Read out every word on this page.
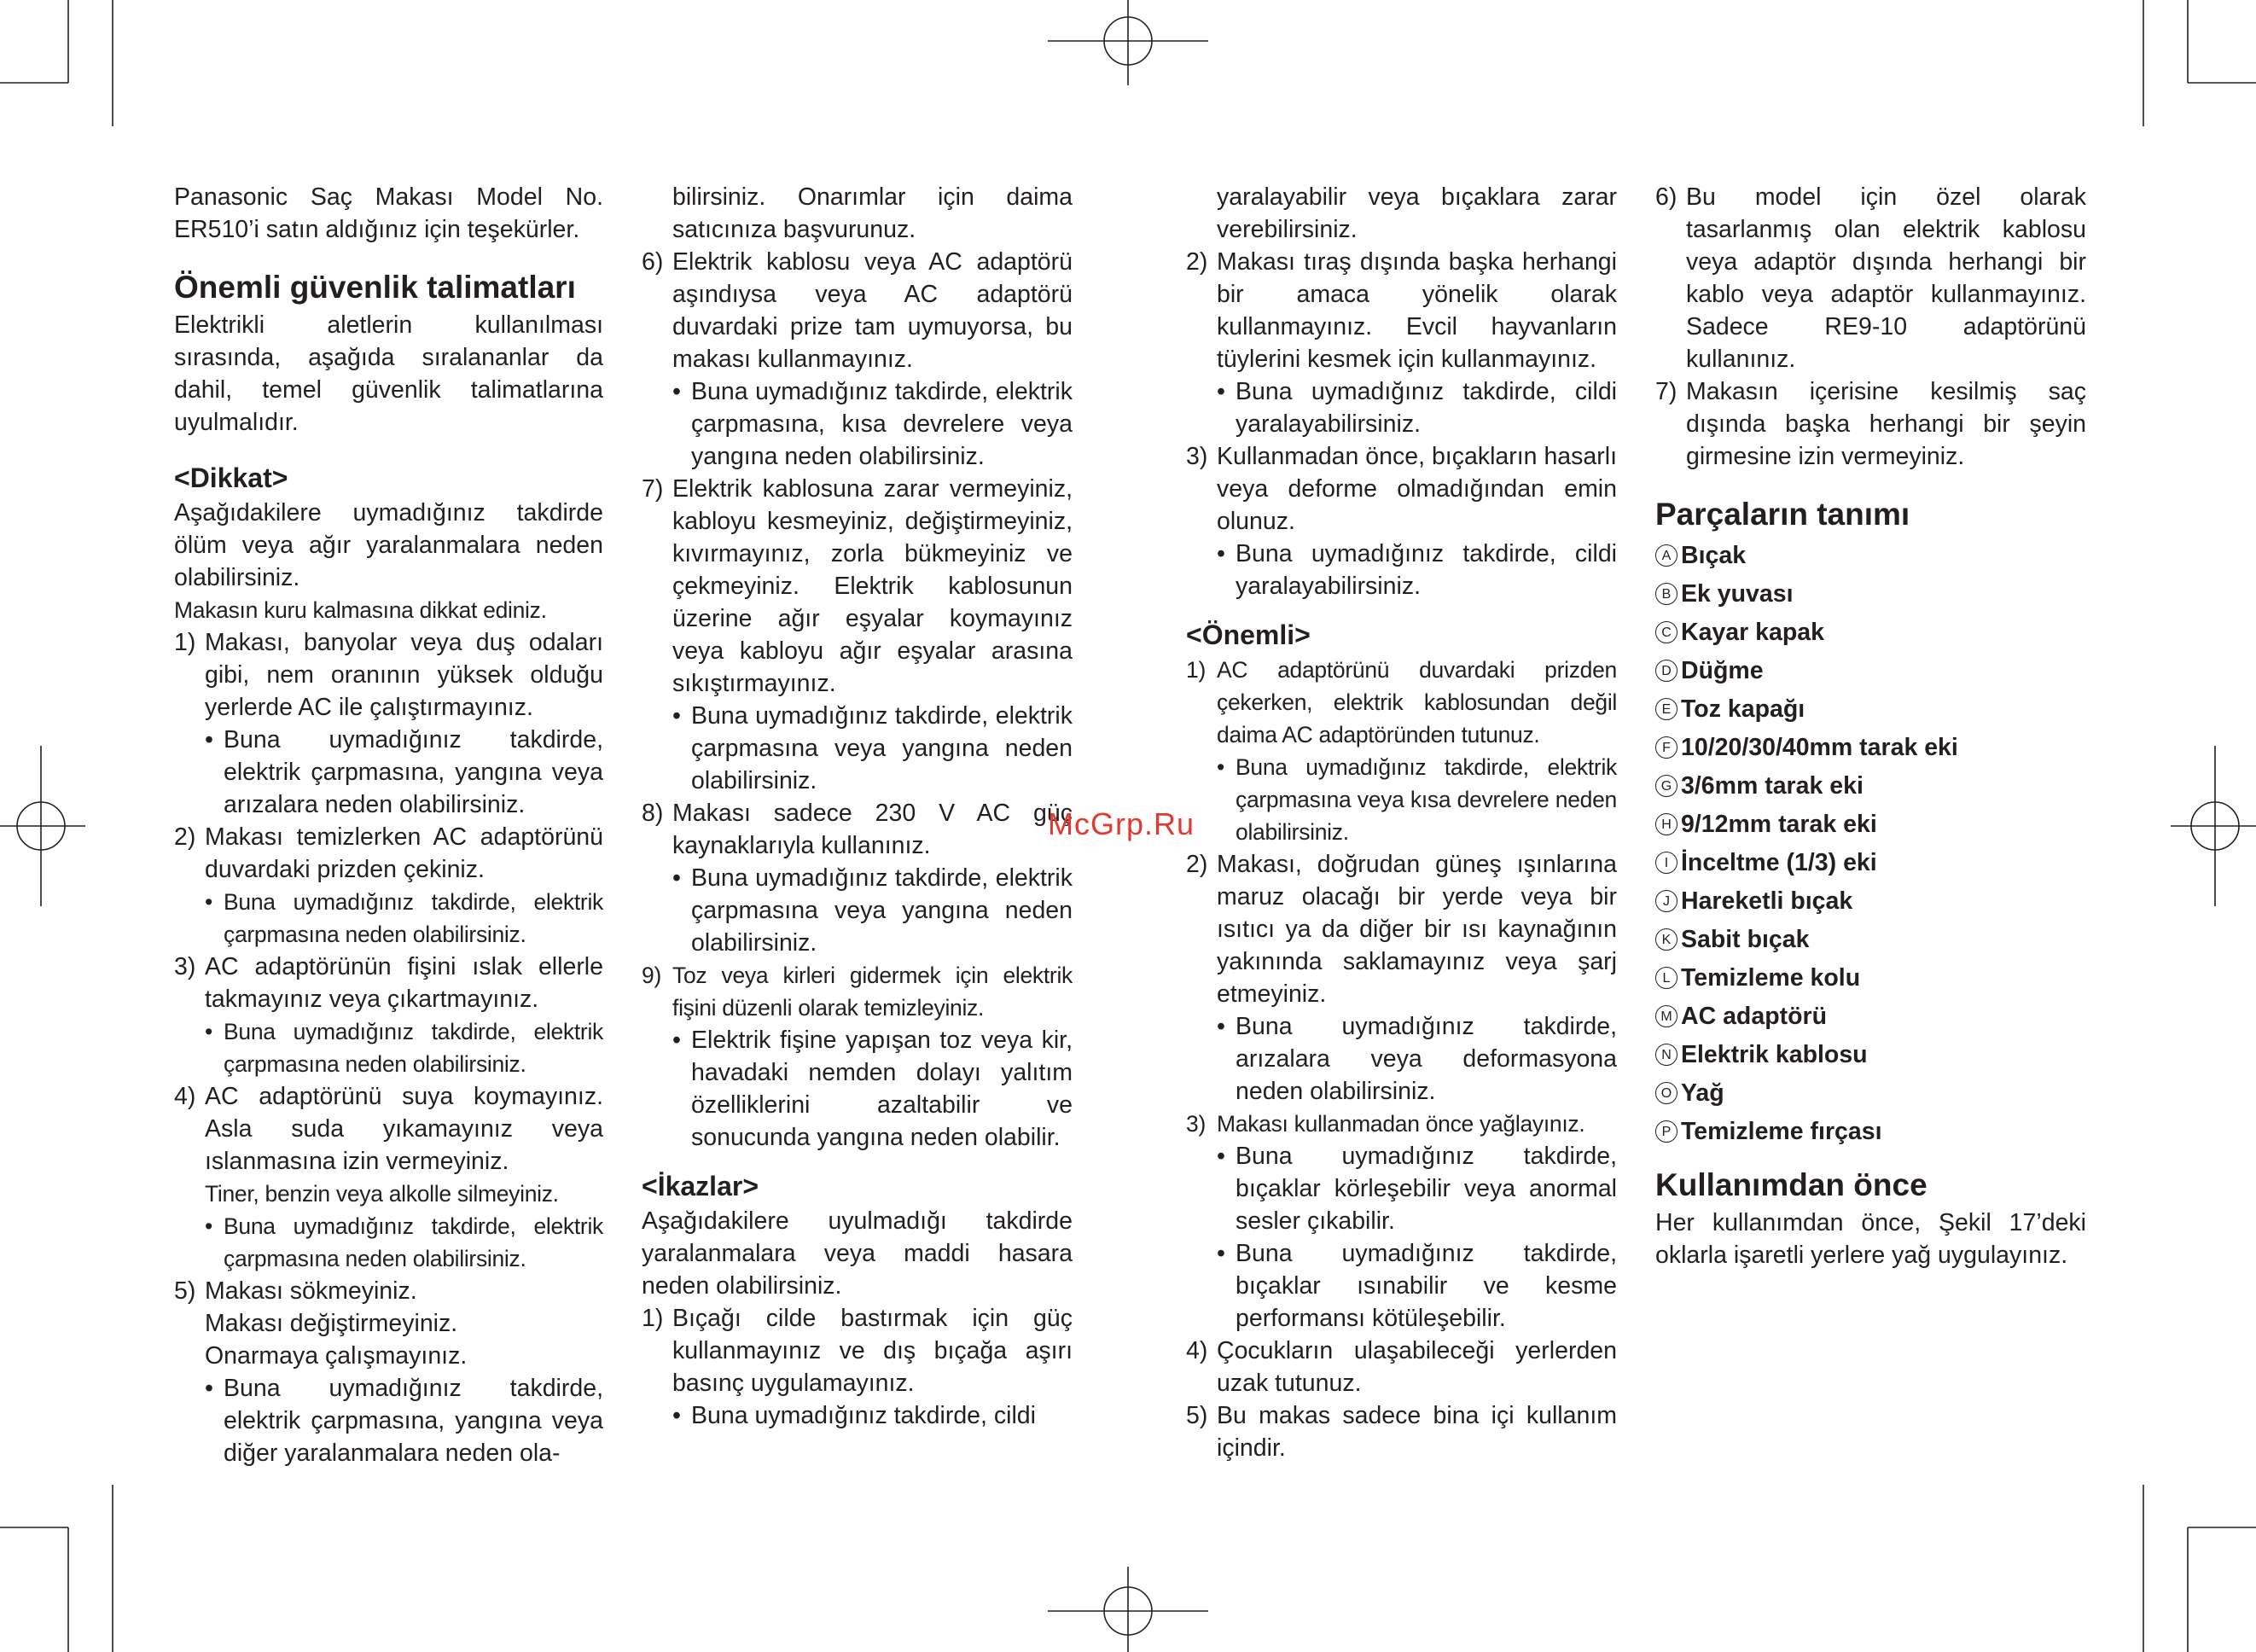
Panasonic Saç Makası Model No. ER510’i satın aldığınız için teşekürler.

Önemli güvenlik talimatları

Elektrikli aletlerin kullanılması sırasında, aşağıda sıralananlar da dahil, temel güvenlik talimatlarına uyulmalıdır.

<Dikkat>

Aşağıdakilere uymadığınız takdirde ölüm veya ağır yaralanmalara neden olabilirsiniz.

Makasın kuru kalmasına dikkat ediniz.

1) Makası, banyolar veya duş odaları gibi, nem oranının yüksek olduğu yerlerde AC ile çalıştırmayınız.
• Buna uymadığınız takdirde, elektrik çarpmasına, yangına veya arızalara neden olabilirsiniz.
2) Makası temizlerken AC adaptörünü duvardaki prizden çekiniz.
• Buna uymadığınız takdirde, elektrik çarpmasına neden olabilirsiniz.
3) AC adaptörünün fişini ıslak ellerle takmayınız veya çıkartmayınız.
• Buna uymadığınız takdirde, elektrik çarpmasına neden olabilirsiniz.
4) AC adaptörünü suya koymayınız. Asla suda yıkamayınız veya ıslanmasına izin vermeyiniz.

Tiner, benzin veya alkolle silmeyiniz.

• Buna uymadığınız takdirde, elektrik çarpmasına neden olabilirsiniz.
5) Makası sökmeyiniz.

Makası değiştirmeyiniz.

Onarmaya çalışmayınız.

• Buna uymadığınız takdirde, elektrik çarpmasına, yangına veya diğer yaralanmalara neden ola-

bilirsiniz. Onarımlar için daima satıcınıza başvurunuz.

6) Elektrik kablosu veya AC adaptörü aşındıysa veya AC adaptörü duvardaki prize tam uymuyorsa, bu makası kullanmayınız.
• Buna uymadığınız takdirde, elektrik çarpmasına, kısa devrelere veya yangına neden olabilirsiniz.
7) Elektrik kablosuna zarar vermeyiniz, kabloyu kesmeyiniz, değiştirmeyiniz, kıvırmayınız, zorla bükmeyiniz ve çekmeyiniz. Elektrik kablosunun üzerine ağır eşyalar koymayınız veya kabloyu ağır eşyalar arasına sıkıştırmayınız.
• Buna uymadığınız takdirde, elektrik çarpmasına veya yangına neden olabilirsiniz.
8) Makası sadece 230 V AC güç kaynaklarıyla kullanınız.
• Buna uymadığınız takdirde, elektrik çarpmasına veya yangına neden olabilirsiniz.
9) Toz veya kirleri gidermek için elektrik fişini düzenli olarak temizleyiniz.
• Elektrik fişine yapışan toz veya kir, havadaki nemden dolayı yalıtım özelliklerini azaltabilir ve sonucunda yangına neden olabilir.
<İkazlar>

Aşağıdakilere uyulmadığı takdirde yaralanmalara veya maddi hasara neden olabilirsiniz.

1) Bıçağı cilde bastırmak için güç kullanmayınız ve dış bıçağa aşırı basınç uygulamayınız.
• Buna uymadığınız takdirde, cildi

yaralayabilir veya bıçaklara zarar verebilirsiniz.

2) Makası tıraş dışında başka herhangi bir amaca yönelik olarak kullanmayınız. Evcil hayvanların tüylerini kesmek için kullanmayınız.
• Buna uymadığınız takdirde, cildi yaralayabilirsiniz.
3) Kullanmadan önce, bıçakların hasarlı veya deforme olmadığından emin olunuz.
• Buna uymadığınız takdirde, cildi yaralayabilirsiniz.
<Önemli>
1) AC adaptörünü duvardaki prizden çekerken, elektrik kablosundan değil daima AC adaptöründen tutunuz.
• Buna uymadığınız takdirde, elektrik çarpmasına veya kısa devrelere neden olabilirsiniz.
2) Makası, doğrudan güneş ışınlarına maruz olacağı bir yerde veya bir ısıtıcı ya da diğer bir ısı kaynağının yakınında saklamayınız veya şarj etmeyiniz.
• Buna uymadığınız takdirde, arızalara veya deformasyona neden olabilirsiniz.
3) Makası kullanmadan önce yağlayınız.
• Buna uymadığınız takdirde, bıçaklar körleşebilir veya anormal sesler çıkabilir.
• Buna uymadığınız takdirde, bıçaklar ısınabilir ve kesme performansı kötüleşebilir.
4) Çocukların ulaşabileceği yerlerden uzak tutunuz.
5) Bu makas sadece bina içi kullanım içindir.
6) Bu model için özel olarak tasarlanmış olan elektrik kablosu veya adaptör dışında herhangi bir kablo veya adaptör kullanmayınız. Sadece RE9-10 adaptörünü kullanınız.
7) Makasın içerisine kesilmiş saç dışında başka herhangi bir şeyin girmesine izin vermeyiniz.
Parçaların tanımı
A Bıçak
B Ek yuvası
C Kayar kapak
D Düğme
E Toz kapağı
F 10/20/30/40mm tarak eki
G 3/6mm tarak eki
H 9/12mm tarak eki
I İnceltme (1/3) eki
J Hareketli bıçak
K Sabit bıçak
L Temizleme kolu
M AC adaptörü
N Elektrik kablosu
O Yağ
P Temizleme fırçası
Kullanımdan önce

Her kullanımdan önce, Şekil 17’deki oklarla işaretli yerlere yağ uygulayınız.

McGrp.Ru
